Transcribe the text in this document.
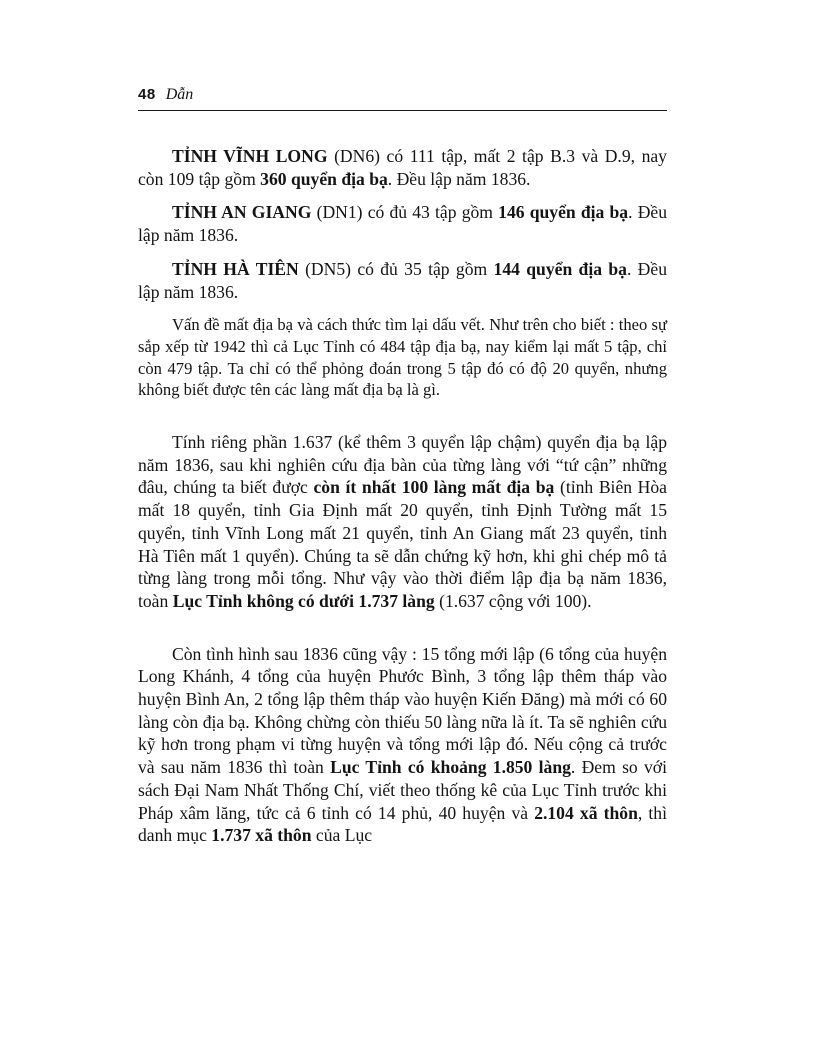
48 Dẫn

TỈNH VĨNH LONG (DN6) có 111 tập, mất 2 tập B.3 và D.9, nay còn 109 tập gồm 360 quyển địa bạ. Đều lập năm 1836.

TỈNH AN GIANG (DN1) có đủ 43 tập gồm 146 quyển địa bạ. Đều lập năm 1836.

TỈNH HÀ TIÊN (DN5) có đủ 35 tập gồm 144 quyển địa bạ. Đều lập năm 1836.

Vấn đề mất địa bạ và cách thức tìm lại dấu vết. Như trên cho biết : theo sự sắp xếp từ 1942 thì cả Lục Tỉnh có 484 tập địa bạ, nay kiểm lại mất 5 tập, chỉ còn 479 tập. Ta chỉ có thể phỏng đoán trong 5 tập đó có độ 20 quyển, nhưng không biết được tên các làng mất địa bạ là gì.

Tính riêng phần 1.637 (kể thêm 3 quyển lập chậm) quyển địa bạ lập năm 1836, sau khi nghiên cứu địa bàn của từng làng với “tứ cận” những đâu, chúng ta biết được còn ít nhất 100 làng mất địa bạ (tỉnh Biên Hòa mất 18 quyển, tỉnh Gia Định mất 20 quyển, tỉnh Định Tường mất 15 quyển, tỉnh Vĩnh Long mất 21 quyển, tỉnh An Giang mất 23 quyển, tỉnh Hà Tiên mất 1 quyển). Chúng ta sẽ dẫn chứng kỹ hơn, khi ghi chép mô tả từng làng trong mỗi tổng. Như vậy vào thời điểm lập địa bạ năm 1836, toàn Lục Tỉnh không có dưới 1.737 làng (1.637 cộng với 100).

Còn tình hình sau 1836 cũng vậy : 15 tổng mới lập (6 tổng của huyện Long Khánh, 4 tổng của huyện Phước Bình, 3 tổng lập thêm tháp vào huyện Bình An, 2 tổng lập thêm tháp vào huyện Kiến Đăng) mà mới có 60 làng còn địa bạ. Không chừng còn thiếu 50 làng nữa là ít. Ta sẽ nghiên cứu kỹ hơn trong phạm vi từng huyện và tổng mới lập đó. Nếu cộng cả trước và sau năm 1836 thì toàn Lục Tỉnh có khoảng 1.850 làng. Đem so với sách Đại Nam Nhất Thống Chí, viết theo thống kê của Lục Tỉnh trước khi Pháp xâm lăng, tức cả 6 tỉnh có 14 phủ, 40 huyện và 2.104 xã thôn, thì danh mục 1.737 xã thôn của Lục
